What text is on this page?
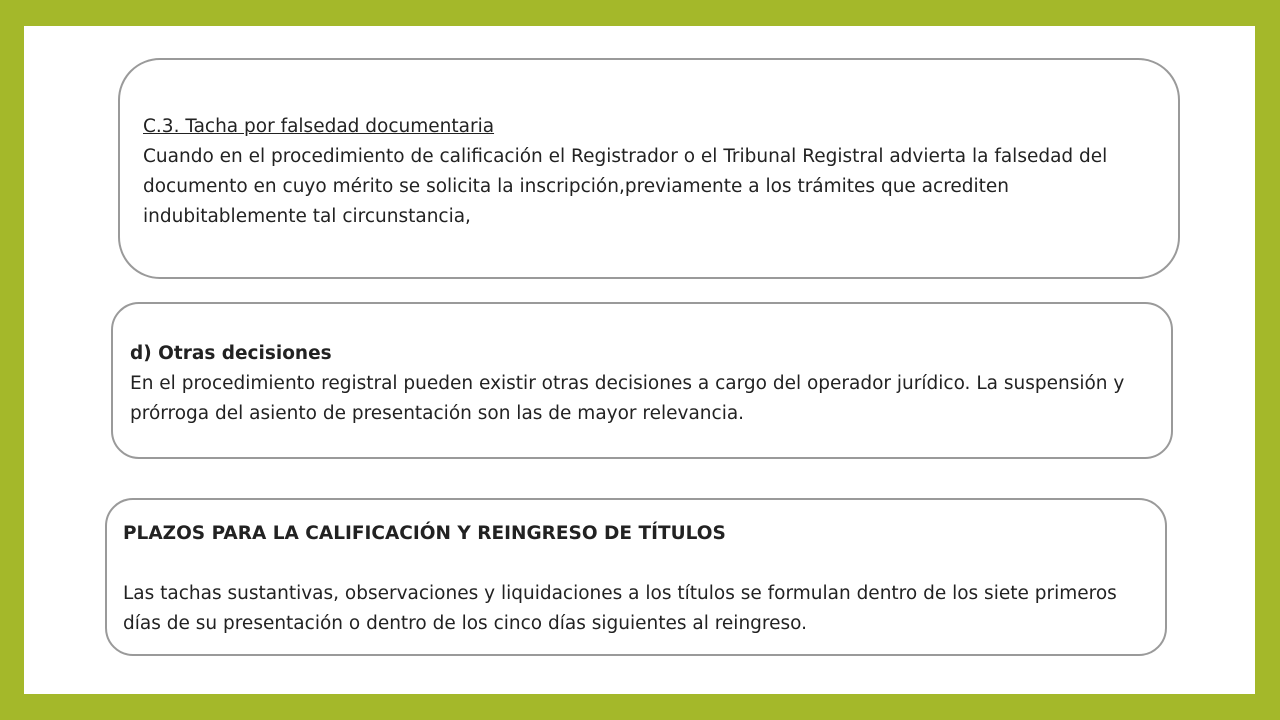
C.3. Tacha por falsedad documentaria

Cuando en el procedimiento de calificación el Registrador o el Tribunal Registral advierta la falsedad del documento en cuyo mérito se solicita la inscripción,previamente a los trámites que acrediten indubitablemente tal circunstancia,

d) Otras decisiones

En el procedimiento registral pueden existir otras decisiones a cargo del operador jurídico. La suspensión y prórroga del asiento de presentación son las de mayor relevancia.

PLAZOS PARA LA CALIFICACIÓN Y REINGRESO DE TÍTULOS

Las tachas sustantivas, observaciones y liquidaciones a los títulos se formulan dentro de los siete primeros días de su presentación o dentro de los cinco días siguientes al reingreso.
